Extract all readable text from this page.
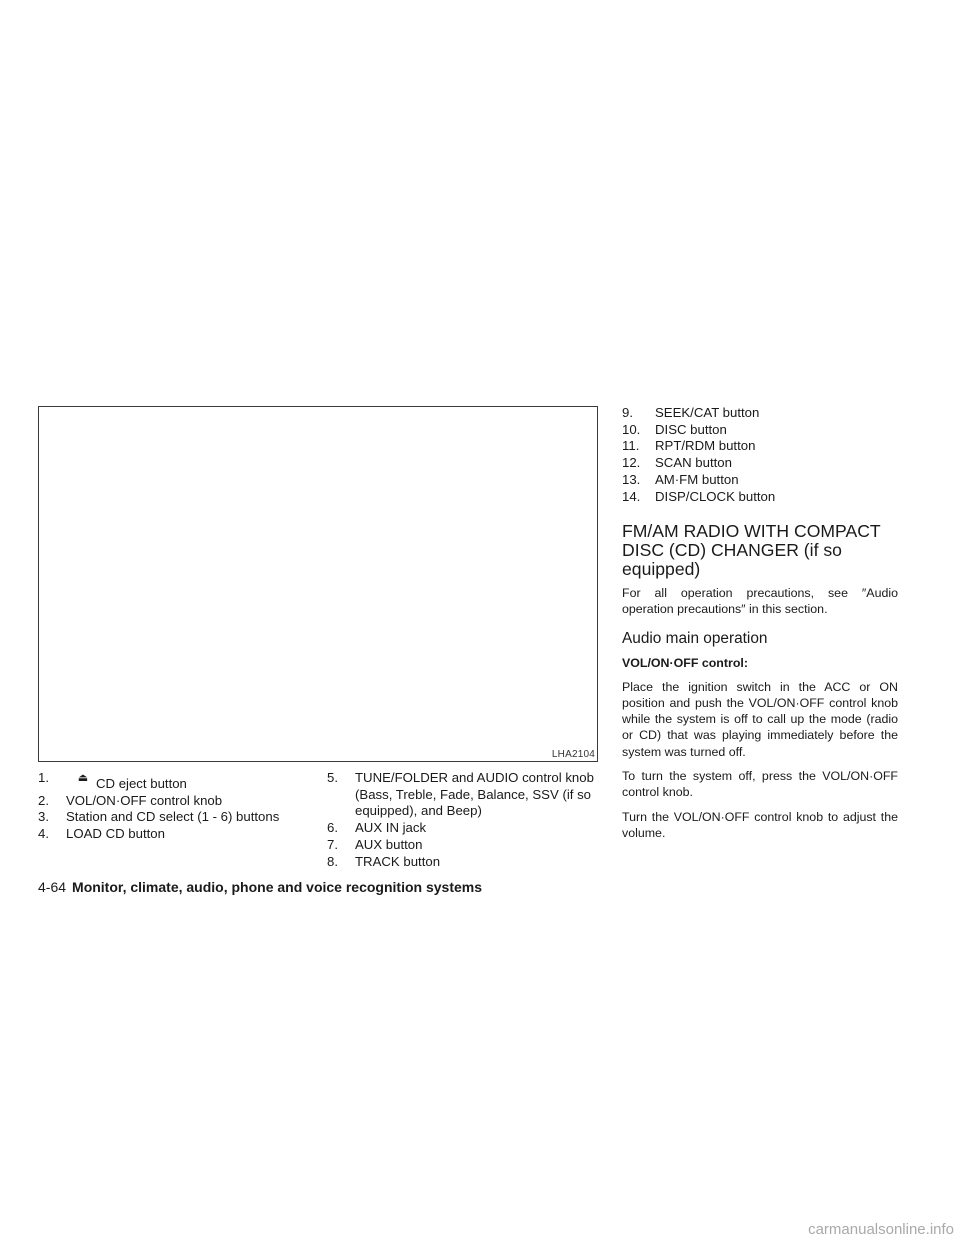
LHA2104
1.	⏏ CD eject button
2.	VOL/ON·OFF control knob
3.	Station and CD select (1 - 6) buttons
4.	LOAD CD button
5.	TUNE/FOLDER and AUDIO control knob (Bass, Treble, Fade, Balance, SSV (if so equipped), and Beep)
6.	AUX IN jack
7.	AUX button
8.	TRACK button
9.	SEEK/CAT button
10.	DISC button
11.	RPT/RDM button
12.	SCAN button
13.	AM·FM button
14.	DISP/CLOCK button
FM/AM RADIO WITH COMPACT DISC (CD) CHANGER (if so equipped)

For all operation precautions, see ″Audio operation precautions″ in this section.

Audio main operation

VOL/ON·OFF control:

Place the ignition switch in the ACC or ON position and push the VOL/ON·OFF control knob while the system is off to call up the mode (radio or CD) that was playing immediately before the system was turned off.

To turn the system off, press the VOL/ON·OFF control knob.

Turn the VOL/ON·OFF control knob to adjust the volume.

4-64 Monitor, climate, audio, phone and voice recognition systems
carmanualsonline.info
